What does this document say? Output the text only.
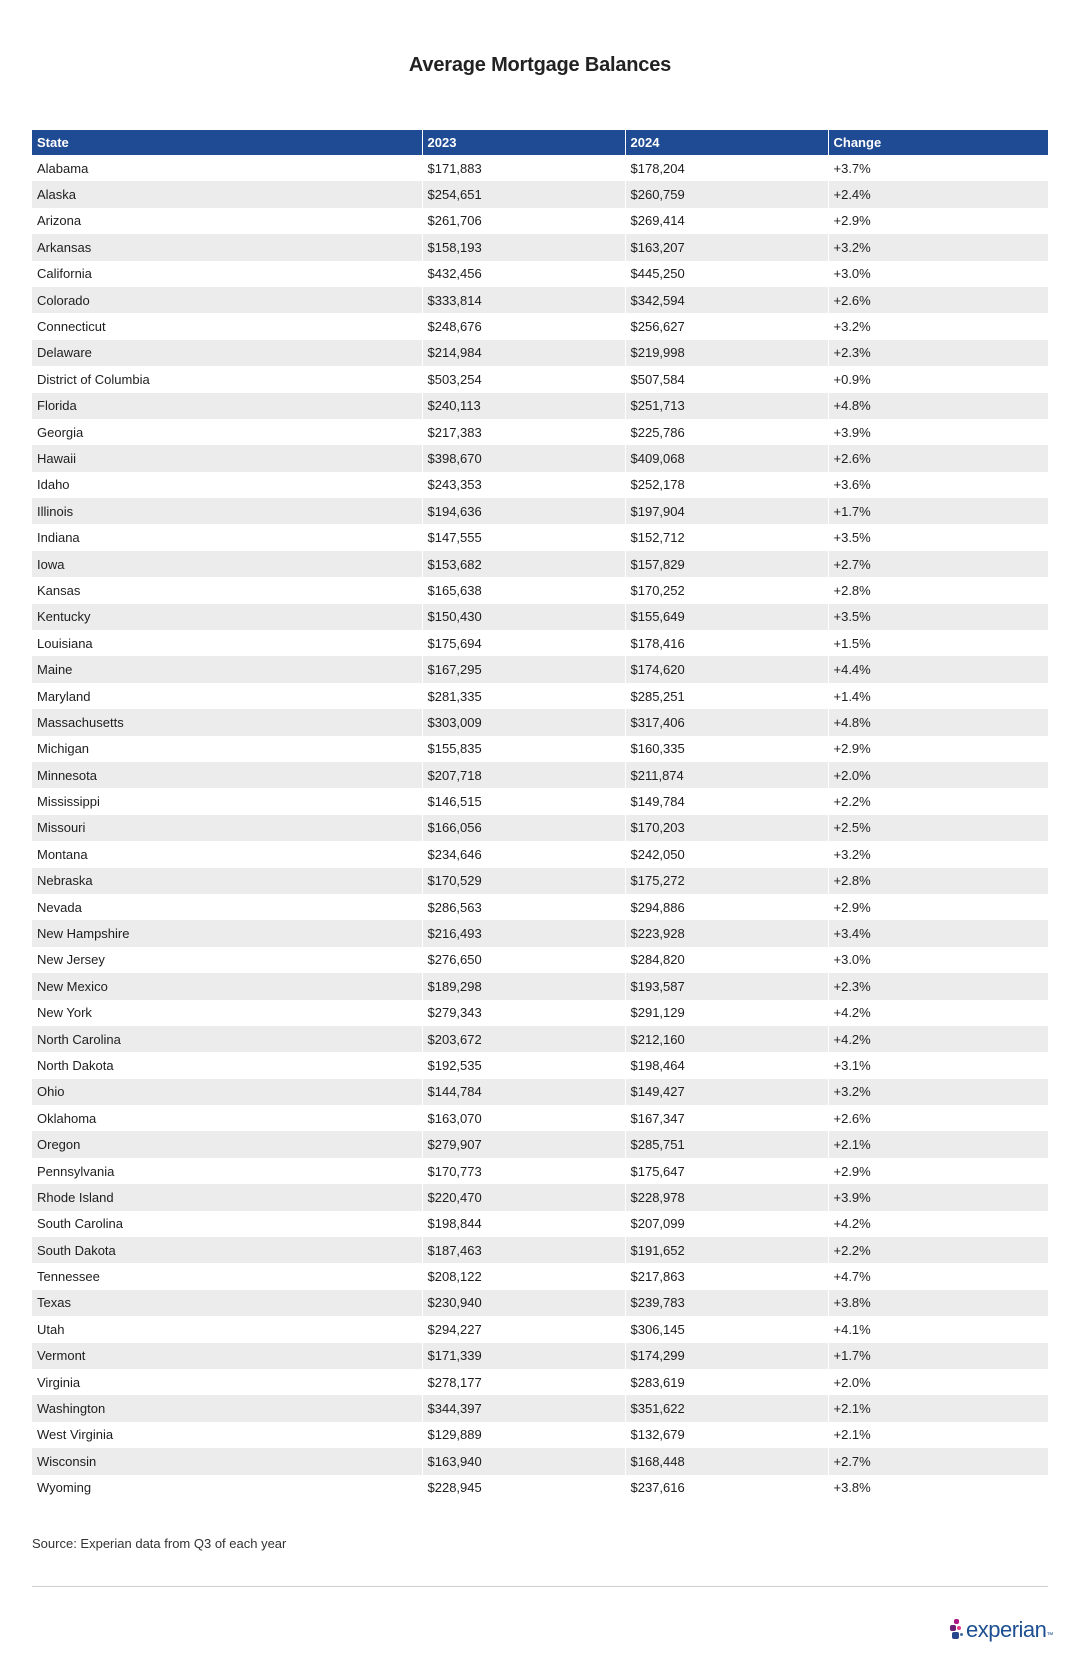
Average Mortgage Balances
State	2023	2024	Change
Alabama	$171,883	$178,204	+3.7%
Alaska	$254,651	$260,759	+2.4%
Arizona	$261,706	$269,414	+2.9%
Arkansas	$158,193	$163,207	+3.2%
California	$432,456	$445,250	+3.0%
Colorado	$333,814	$342,594	+2.6%
Connecticut	$248,676	$256,627	+3.2%
Delaware	$214,984	$219,998	+2.3%
District of Columbia	$503,254	$507,584	+0.9%
Florida	$240,113	$251,713	+4.8%
Georgia	$217,383	$225,786	+3.9%
Hawaii	$398,670	$409,068	+2.6%
Idaho	$243,353	$252,178	+3.6%
Illinois	$194,636	$197,904	+1.7%
Indiana	$147,555	$152,712	+3.5%
Iowa	$153,682	$157,829	+2.7%
Kansas	$165,638	$170,252	+2.8%
Kentucky	$150,430	$155,649	+3.5%
Louisiana	$175,694	$178,416	+1.5%
Maine	$167,295	$174,620	+4.4%
Maryland	$281,335	$285,251	+1.4%
Massachusetts	$303,009	$317,406	+4.8%
Michigan	$155,835	$160,335	+2.9%
Minnesota	$207,718	$211,874	+2.0%
Mississippi	$146,515	$149,784	+2.2%
Missouri	$166,056	$170,203	+2.5%
Montana	$234,646	$242,050	+3.2%
Nebraska	$170,529	$175,272	+2.8%
Nevada	$286,563	$294,886	+2.9%
New Hampshire	$216,493	$223,928	+3.4%
New Jersey	$276,650	$284,820	+3.0%
New Mexico	$189,298	$193,587	+2.3%
New York	$279,343	$291,129	+4.2%
North Carolina	$203,672	$212,160	+4.2%
North Dakota	$192,535	$198,464	+3.1%
Ohio	$144,784	$149,427	+3.2%
Oklahoma	$163,070	$167,347	+2.6%
Oregon	$279,907	$285,751	+2.1%
Pennsylvania	$170,773	$175,647	+2.9%
Rhode Island	$220,470	$228,978	+3.9%
South Carolina	$198,844	$207,099	+4.2%
South Dakota	$187,463	$191,652	+2.2%
Tennessee	$208,122	$217,863	+4.7%
Texas	$230,940	$239,783	+3.8%
Utah	$294,227	$306,145	+4.1%
Vermont	$171,339	$174,299	+1.7%
Virginia	$278,177	$283,619	+2.0%
Washington	$344,397	$351,622	+2.1%
West Virginia	$129,889	$132,679	+2.1%
Wisconsin	$163,940	$168,448	+2.7%
Wyoming	$228,945	$237,616	+3.8%
Source: Experian data from Q3 of each year
experian ™
